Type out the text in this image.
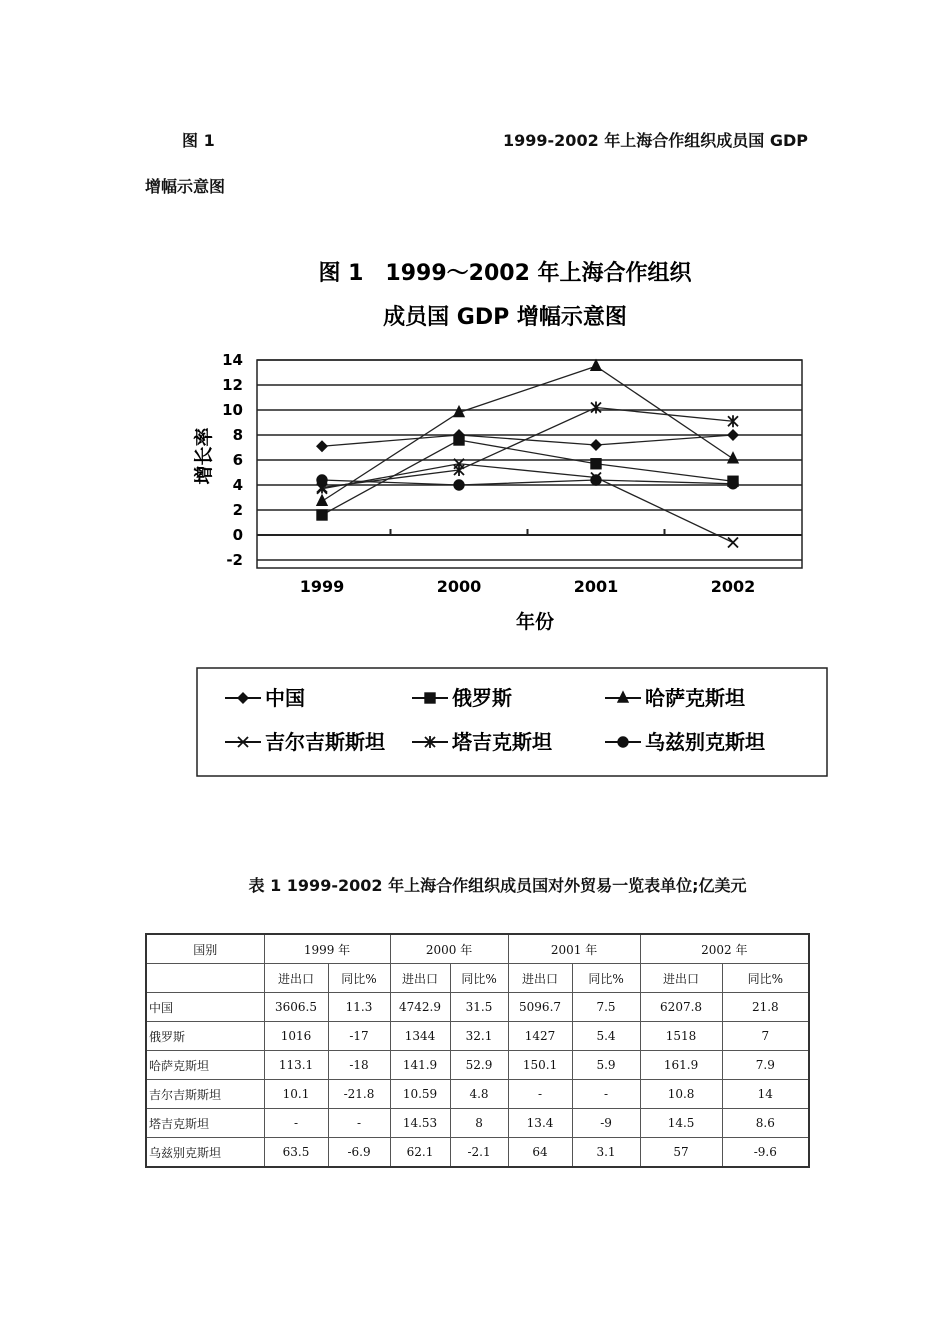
图 1	1999-2002 年上海合作组织成员国 GDP
增幅示意图
图 1　1999～2002 年上海合作组织
成员国 GDP 增幅示意图
-2
0
2
4
6
8
10
12
14
1999	2000	2001	2002
增长率
年份
中国	俄罗斯	哈萨克斯坦
吉尔吉斯斯坦	塔吉克斯坦	乌兹别克斯坦
表 1 1999-2002 年上海合作组织成员国对外贸易一览表单位;亿美元
国别	1999 年		2000 年		2001 年		2002 年	
	进出口	同比%	进出口	同比%	进出口	同比%	进出口	同比%
中国	3606.5	11.3	4742.9	31.5	5096.7	7.5	6207.8	21.8
俄罗斯	1016	-17	1344	32.1	1427	5.4	1518	7
哈萨克斯坦	113.1	-18	141.9	52.9	150.1	5.9	161.9	7.9
吉尔吉斯斯坦	10.1	-21.8	10.59	4.8	-	-	10.8	14
塔吉克斯坦	-	-	14.53	8	13.4	-9	14.5	8.6
乌兹别克斯坦	63.5	-6.9	62.1	-2.1	64	3.1	57	-9.6
